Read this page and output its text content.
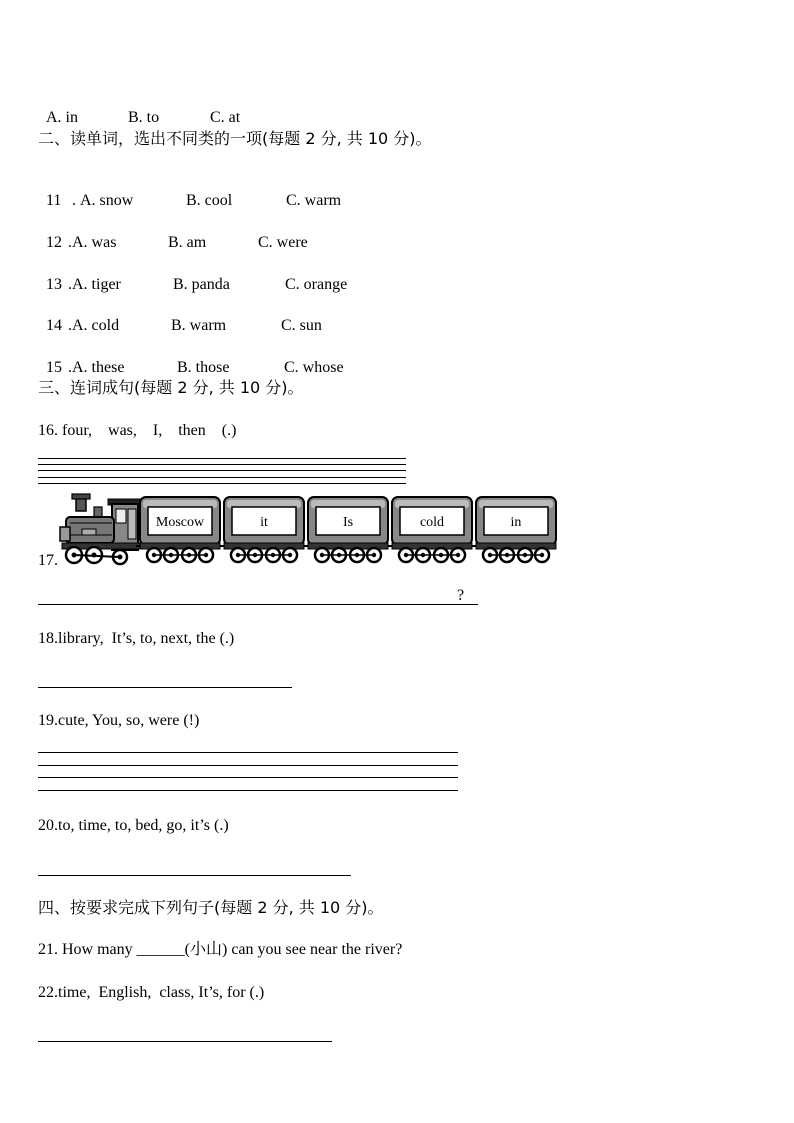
A. in	B. to	C. at

二、读单词，选出不同类的一项(每题 2 分, 共 10 分)。

11 . A. snow	B. cool	C. warm

12 .A. was	B. am	C. were

13 .A. tiger	B. panda	C. orange

14 .A. cold	B. warm	C. sun

15 .A. these	B. those	C. whose

三、连词成句(每题 2 分, 共 10 分)。
16. four,    was,    I,    then    (.)
17.
Moscow	it	Is	cold	in
?
18.library,  It’s, to, next, the (.)
19.cute, You, so, were (!)
20.to, time, to, bed, go, it’s (.)
四、按要求完成下列句子(每题 2 分, 共 10 分)。
21. How many ______(小山) can you see near the river?
22.time,  English,  class, It’s, for (.)
